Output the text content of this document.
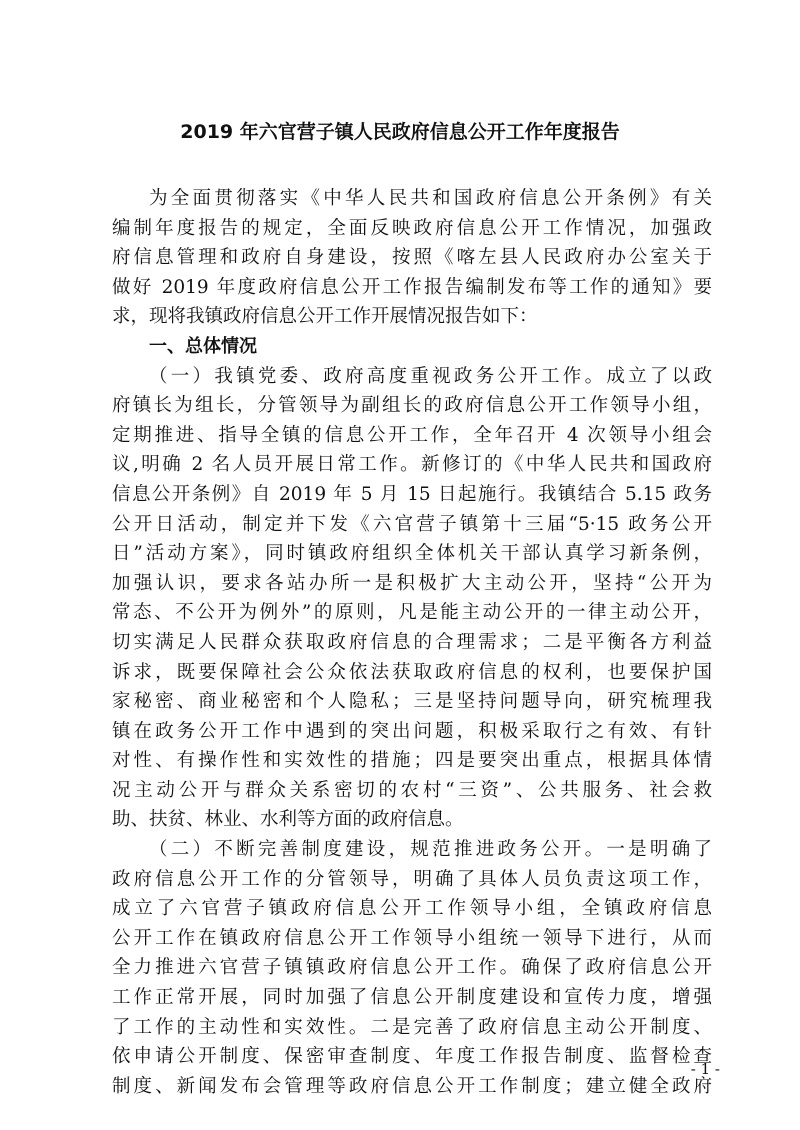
2019 年六官营子镇人民政府信息公开工作年度报告
为全面贯彻落实《中华人民共和国政府信息公开条例》有关
编制年度报告的规定，全面反映政府信息公开工作情况，加强政
府信息管理和政府自身建设，按照《喀左县人民政府办公室关于
做好 2019 年度政府信息公开工作报告编制发布等工作的通知》要
求，现将我镇政府信息公开工作开展情况报告如下：
一、总体情况
（一）我镇党委、政府高度重视政务公开工作。成立了以政
府镇长为组长，分管领导为副组长的政府信息公开工作领导小组，
定期推进、指导全镇的信息公开工作，全年召开 4 次领导小组会
议,明确 2 名人员开展日常工作。新修订的《中华人民共和国政府
信息公开条例》自 2019 年 5 月 15 日起施行。我镇结合 5.15 政务
公开日活动，制定并下发《六官营子镇第十三届“5·15 政务公开
日”活动方案》，同时镇政府组织全体机关干部认真学习新条例，
加强认识，要求各站办所一是积极扩大主动公开，坚持“公开为
常态、不公开为例外”的原则，凡是能主动公开的一律主动公开，
切实满足人民群众获取政府信息的合理需求；二是平衡各方利益
诉求，既要保障社会公众依法获取政府信息的权利，也要保护国
家秘密、商业秘密和个人隐私；三是坚持问题导向，研究梳理我
镇在政务公开工作中遇到的突出问题，积极采取行之有效、有针
对性、有操作性和实效性的措施；四是要突出重点，根据具体情
况主动公开与群众关系密切的农村“三资”、公共服务、社会救
助、扶贫、林业、水利等方面的政府信息。
（二）不断完善制度建设，规范推进政务公开。一是明确了
政府信息公开工作的分管领导，明确了具体人员负责这项工作，
成立了六官营子镇政府信息公开工作领导小组，全镇政府信息
公开工作在镇政府信息公开工作领导小组统一领导下进行，从而
全力推进六官营子镇镇政府信息公开工作。确保了政府信息公开
工作正常开展，同时加强了信息公开制度建设和宣传力度，增强
了工作的主动性和实效性。二是完善了政府信息主动公开制度、
依申请公开制度、保密审查制度、年度工作报告制度、监督检查
制度、新闻发布会管理等政府信息公开工作制度；建立健全政府
- 1 -
